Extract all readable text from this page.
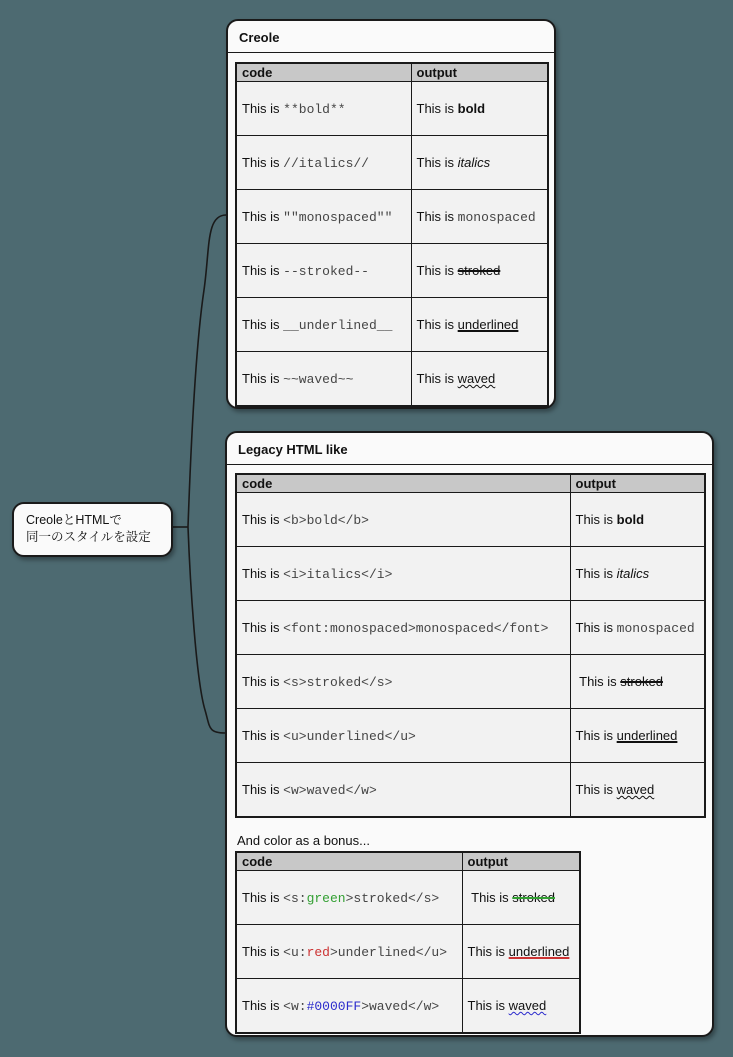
CreoleとHTMLで
同一のスタイルを設定
Creole
code	output
This is **bold**	This is bold
This is //italics//	This is italics
This is ""monospaced""	This is monospaced
This is --stroked--	This is stroked
This is __underlined__	This is underlined
This is ~~waved~~	This is waved
Legacy HTML like
code	output
This is <b>bold</b>	This is bold
This is <i>italics</i>	This is italics
This is <font:monospaced>monospaced</font>	This is monospaced
This is <s>stroked</s>	This is stroked
This is <u>underlined</u>	This is underlined
This is <w>waved</w>	This is waved
And color as a bonus...
code	output
This is <s:green>stroked</s>	This is stroked
This is <u:red>underlined</u>	This is underlined
This is <w:#0000FF>waved</w>	This is waved
